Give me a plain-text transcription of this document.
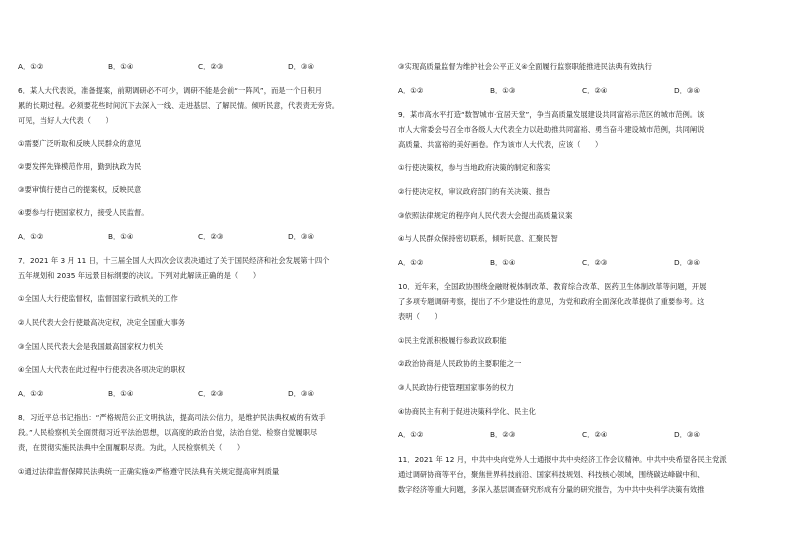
A．①②	B．①④	C．②③	D．③④
6．某人大代表说，准备提案，前期调研必不可少，调研不能是会前“一阵风”，而是一个日积月
累的长期过程。必须要花些时间沉下去深入一线、走进基层、了解民情。倾听民意，代表责无旁贷。
可见，当好人大代表（　　）
①需要广泛听取和反映人民群众的意见
②要发挥先锋模范作用，勤到执政为民
③要审慎行使自己的提案权，反映民意
④要参与行使国家权力，接受人民监督。
A．①②	B．①④	C．②③	D．③④
7．2021 年 3 月 11 日，十三届全国人大四次会议表决通过了关于国民经济和社会发展第十四个
五年规划和 2035 年远景目标纲要的决议。下列对此解读正确的是（　　）
①全国人大行使监督权，监督国家行政机关的工作
②人民代表大会行使最高决定权，决定全国重大事务
③全国人民代表大会是我国最高国家权力机关
④全国人大代表在此过程中行使表决各项决定的职权
A．①②	B．①④	C．②③	D．③④
8．习近平总书记指出：“严格规范公正文明执法，提高司法公信力，是维护民法典权威的有效手
段。”人民检察机关全面贯彻习近平法治思想，以高度的政治自觉，法治自觉、检察自觉履职尽
责，在贯彻实施民法典中全面履职尽责。为此，人民检察机关（　　）
①通过法律监督保障民法典统一正确实施②严格遵守民法典有关规定提高审判质量
③实现高质量监督为维护社会公平正义④全面履行监察职能推进民法典有效执行
A．①②	B．①③	C．②④	D．③④
9．某市高水平打造“数智城市·宜居天堂”，争当高质量发展建设共同富裕示范区的城市范例。该
市人大常委会号召全市各级人大代表全力以赴助推共同富裕、勇当奋斗建设城市范例，共同阐说
高质量、共富裕的美好画卷。作为该市人大代表，应该（　　）
①行使决策权，参与当地政府决策的制定和落实
②行使决定权，审议政府部门的有关决策、报告
③依照法律规定的程序向人民代表大会提出高质量议案
④与人民群众保持密切联系，倾听民意、汇聚民智
A．①②	B．①④	C．②③	D．③④
10．近年来，全国政协围绕金融财税体制改革、教育综合改革、医药卫生体制改革等问题，开展
了多项专题调研考察，提出了不少建设性的意见，为党和政府全面深化改革提供了重要参考。这
表明（　　）
①民主党派积极履行参政议政职能
②政治协商是人民政协的主要职能之一
③人民政协行使管理国家事务的权力
④协商民主有利于促进决策科学化、民主化
A．①②	B．②③	C．②④	D．③④
11．2021 年 12 月，中共中央向党外人士通报中共中央经济工作会议精神。中共中央希望各民主党派
通过调研协商等平台，聚焦世界科技前沿、国家科技规划、科技核心领域，围绕碳达峰碳中和、
数字经济等重大问题，多深入基层调查研究形成有分量的研究报告，为中共中央科学决策有效推
